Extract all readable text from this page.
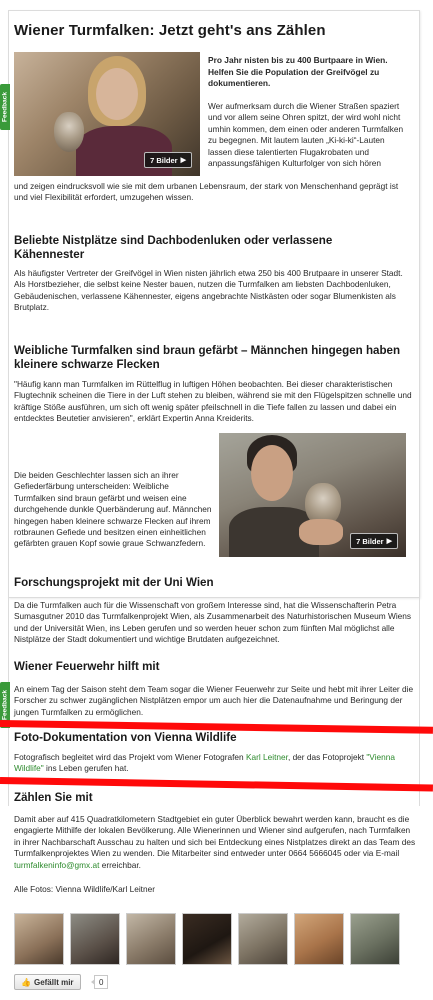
Feedback
Feedback
Wiener Turmfalken: Jetzt geht's ans Zählen
7 Bilder ▶

Pro Jahr nisten bis zu 400 Burtpaare in Wien. Helfen Sie die Population der Greifvögel zu dokumentieren.

Wer aufmerksam durch die Wiener Straßen spaziert und vor allem seine Ohren spitzt, der wird wohl nicht umhin kommen, dem einen oder anderen Turmfalken zu begegnen. Mit lautem lauten „Ki-ki-ki“-Lauten lassen diese talentierten Flugakrobaten und anpassungsfähigen Kulturfolger von sich hören

und zeigen eindrucksvoll wie sie mit dem urbanen Lebensraum, der stark von Menschenhand geprägt ist und viel Flexibilität erfordert, umzugehen wissen.

Beliebte Nistplätze sind Dachbodenluken oder verlassene Kähennester

Als häufigster Vertreter der Greifvögel in Wien nisten jährlich etwa 250 bis 400 Brutpaare in unserer Stadt. Als Horstbezieher, die selbst keine Nester bauen, nutzen die Turmfalken am liebsten Dachbodenluken, Gebäudenischen, verlassene Kähennester, eigens angebrachte Nistkästen oder sogar Blumenkisten als Brutplatz.

Weibliche Turmfalken sind braun gefärbt – Männchen hingegen haben kleinere schwarze Flecken

"Häufig kann man Turmfalken im Rüttelflug in luftigen Höhen beobachten. Bei dieser charakteristischen Flugtechnik scheinen die Tiere in der Luft stehen zu bleiben, während sie mit den Flügelspitzen schnelle und kräftige Stöße ausführen, um sich oft wenig später pfeilschnell in die Tiefe fallen zu lassen und dabei ein entdecktes Beutetier anvisieren", erklärt Expertin Anna Kreiderits.

Die beiden Geschlechter lassen sich an ihrer Gefiederfärbung unterscheiden: Weibliche Turmfalken sind braun gefärbt und weisen eine durchgehende dunkle Querbänderung auf. Männchen hingegen haben kleinere schwarze Flecken auf ihrem rotbraunen Gefiede und besitzen einen einheitlichen gefärbten grauen Kopf sowie graue Schwanzfedern.	7 Bilder ▶
Forschungsprojekt mit der Uni Wien

Da die Turmfalken auch für die Wissenschaft von großem Interesse sind, hat die Wissenschafterin Petra Sumasgutner 2010 das Turmfalkenprojekt Wien, als Zusammenarbeit des Naturhistorischen Museum Wiens und der Universität Wien, ins Leben gerufen und so werden heuer schon zum fünften Mal möglichst alle Nistplätze der Stadt dokumentiert und wichtige Brutdaten aufgezeichnet.

Wiener Feuerwehr hilft mit

An einem Tag der Saison steht dem Team sogar die Wiener Feuerwehr zur Seite und hebt mit ihrer Leiter die Forscher zu schwer zugänglichen Nistplätzen empor um auch hier die Datenaufnahme und Beringung der jungen Turmfalken zu ermöglichen.

Foto-Dokumentation von Vienna Wildlife

Fotografisch begleitet wird das Projekt vom Wiener Fotografen Karl Leitner, der das Fotoprojekt "Vienna Wildlife" ins Leben gerufen hat.

Zählen Sie mit

Damit aber auf 415 Quadratkilometern Stadtgebiet ein guter Überblick bewahrt werden kann, braucht es die engagierte Mithilfe der lokalen Bevölkerung. Alle Wienerinnen und Wiener sind aufgerufen, nach Turmfalken in ihrer Nachbarschaft Ausschau zu halten und sich bei Entdeckung eines Nistplatzes direkt an das Team des Turmfalkenprojektes Wien zu wenden. Die Mitarbeiter sind entweder unter 0664 5666045 oder via E-mail turmfalkeninfo@gmx.at erreichbar.

Alle Fotos: Vienna Wildlife/Karl Leitner

👍 Gefällt mir	0
